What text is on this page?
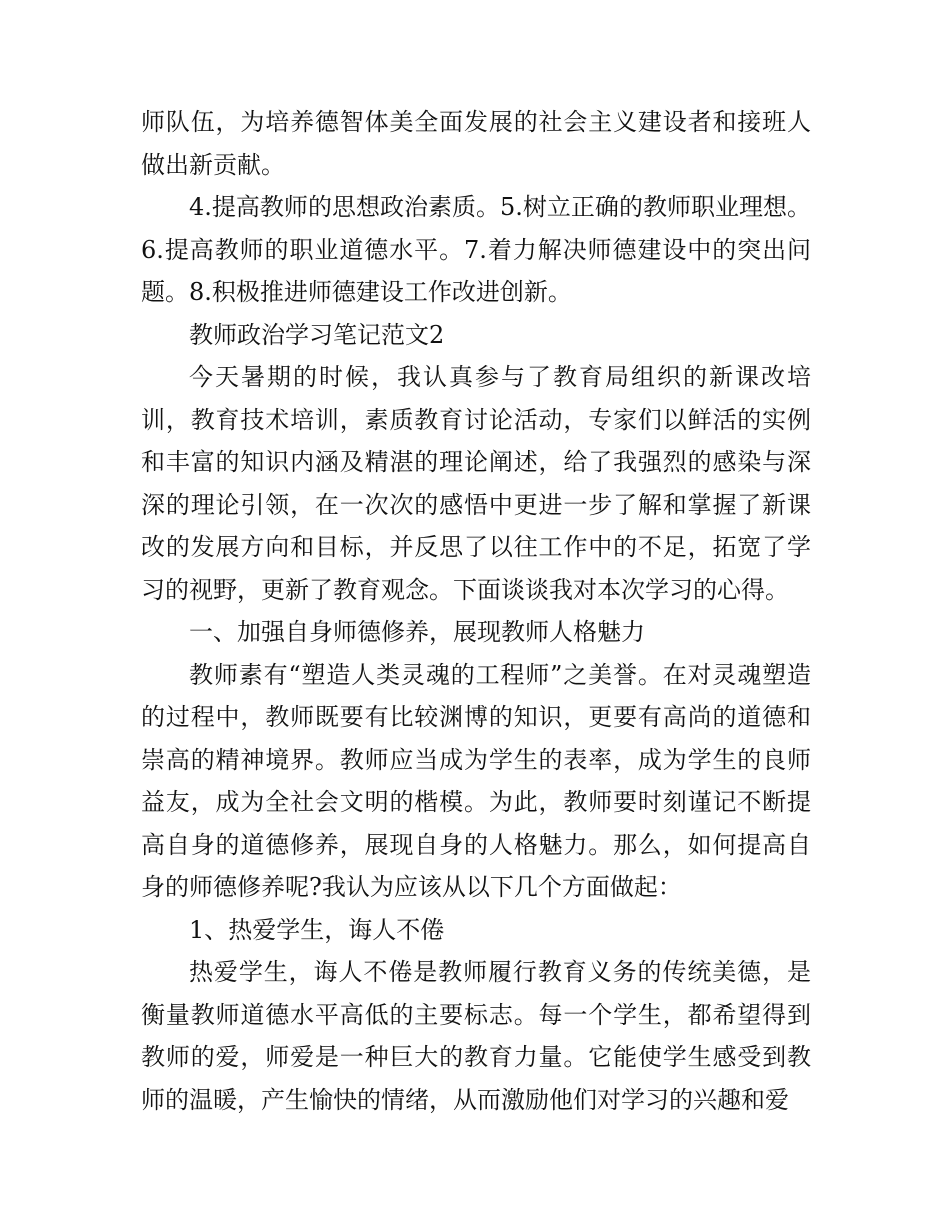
师队伍，为培养德智体美全面发展的社会主义建设者和接班人做出新贡献。

4.提高教师的思想政治素质。5.树立正确的教师职业理想。6.提高教师的职业道德水平。7.着力解决师德建设中的突出问题。8.积极推进师德建设工作改进创新。

教师政治学习笔记范文2

今天暑期的时候，我认真参与了教育局组织的新课改培训，教育技术培训，素质教育讨论活动，专家们以鲜活的实例和丰富的知识内涵及精湛的理论阐述，给了我强烈的感染与深深的理论引领，在一次次的感悟中更进一步了解和掌握了新课改的发展方向和目标，并反思了以往工作中的不足，拓宽了学习的视野，更新了教育观念。下面谈谈我对本次学习的心得。

一、加强自身师德修养，展现教师人格魅力

教师素有“塑造人类灵魂的工程师”之美誉。在对灵魂塑造的过程中，教师既要有比较渊博的知识，更要有高尚的道德和崇高的精神境界。教师应当成为学生的表率，成为学生的良师益友，成为全社会文明的楷模。为此，教师要时刻谨记不断提高自身的道德修养，展现自身的人格魅力。那么，如何提高自身的师德修养呢?我认为应该从以下几个方面做起：

1、热爱学生，诲人不倦

热爱学生，诲人不倦是教师履行教育义务的传统美德，是衡量教师道德水平高低的主要标志。每一个学生，都希望得到教师的爱，师爱是一种巨大的教育力量。它能使学生感受到教师的温暖，产生愉快的情绪，从而激励他们对学习的兴趣和爱
